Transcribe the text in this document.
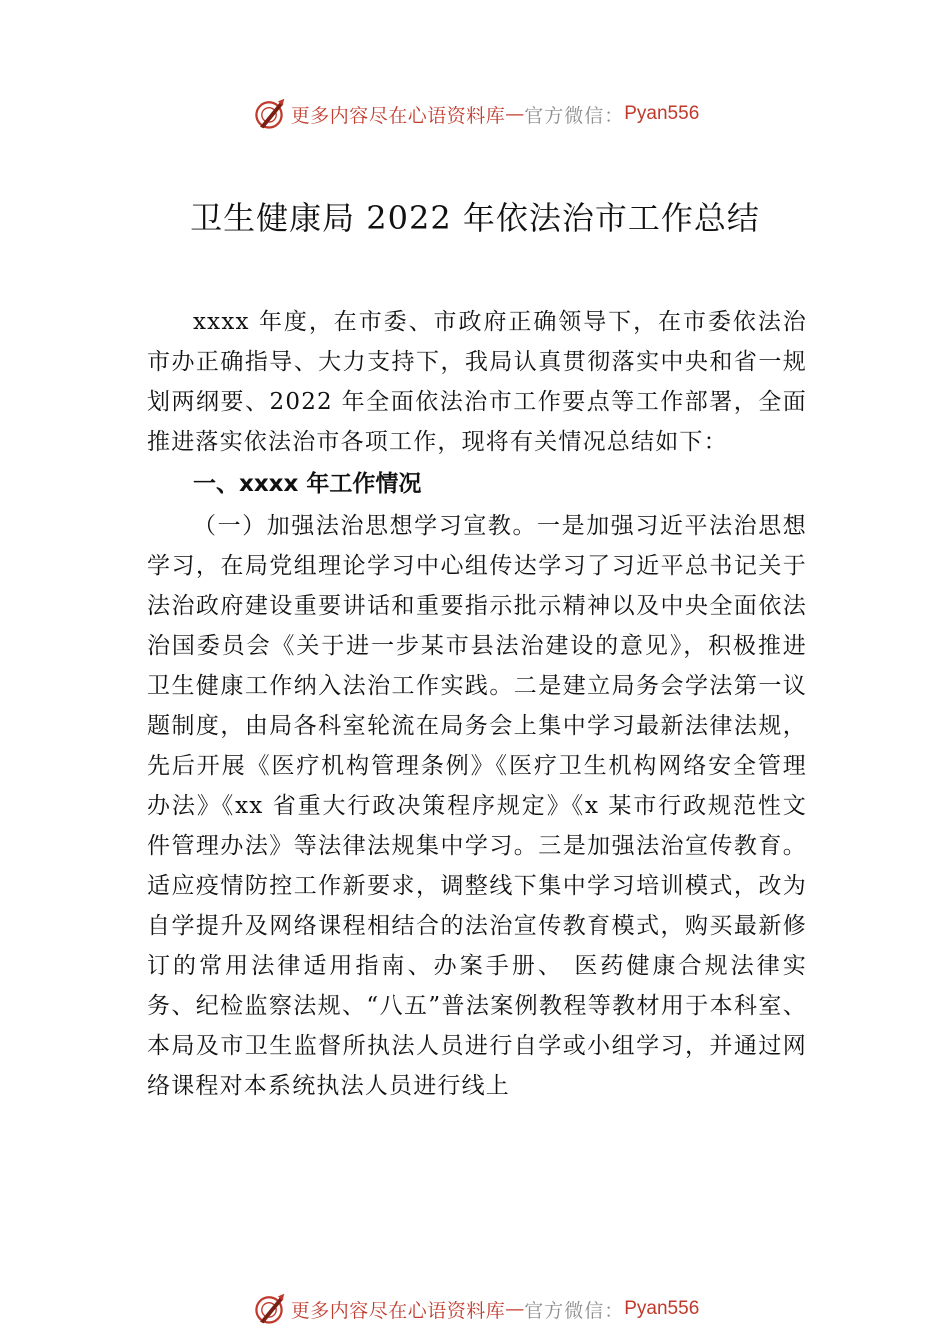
更多内容尽在心语资料库 — 官方微信： Pyan556
卫生健康局 2022 年依法治市工作总结

xxxx 年度，在市委、市政府正确领导下，在市委依法治市办正确指导、大力支持下，我局认真贯彻落实中央和省一规划两纲要、2022 年全面依法治市工作要点等工作部署，全面推进落实依法治市各项工作，现将有关情况总结如下：

一、xxxx 年工作情况

（一）加强法治思想学习宣教。一是加强习近平法治思想学习，在局党组理论学习中心组传达学习了习近平总书记关于法治政府建设重要讲话和重要指示批示精神以及中央全面依法治国委员会《关于进一步某市县法治建设的意见》，积极推进卫生健康工作纳入法治工作实践。二是建立局务会学法第一议题制度，由局各科室轮流在局务会上集中学习最新法律法规，先后开展《医疗机构管理条例》《医疗卫生机构网络安全管理办法》《xx 省重大行政决策程序规定》《x 某市行政规范性文件管理办法》等法律法规集中学习。三是加强法治宣传教育。适应疫情防控工作新要求，调整线下集中学习培训模式，改为自学提升及网络课程相结合的法治宣传教育模式，购买最新修订的常用法律适用指南、办案手册、 医药健康合规法律实务、纪检监察法规、“八五”普法案例教程等教材用于本科室、本局及市卫生监督所执法人员进行自学或小组学习，并通过网络课程对本系统执法人员进行线上

更多内容尽在心语资料库 — 官方微信： Pyan556
